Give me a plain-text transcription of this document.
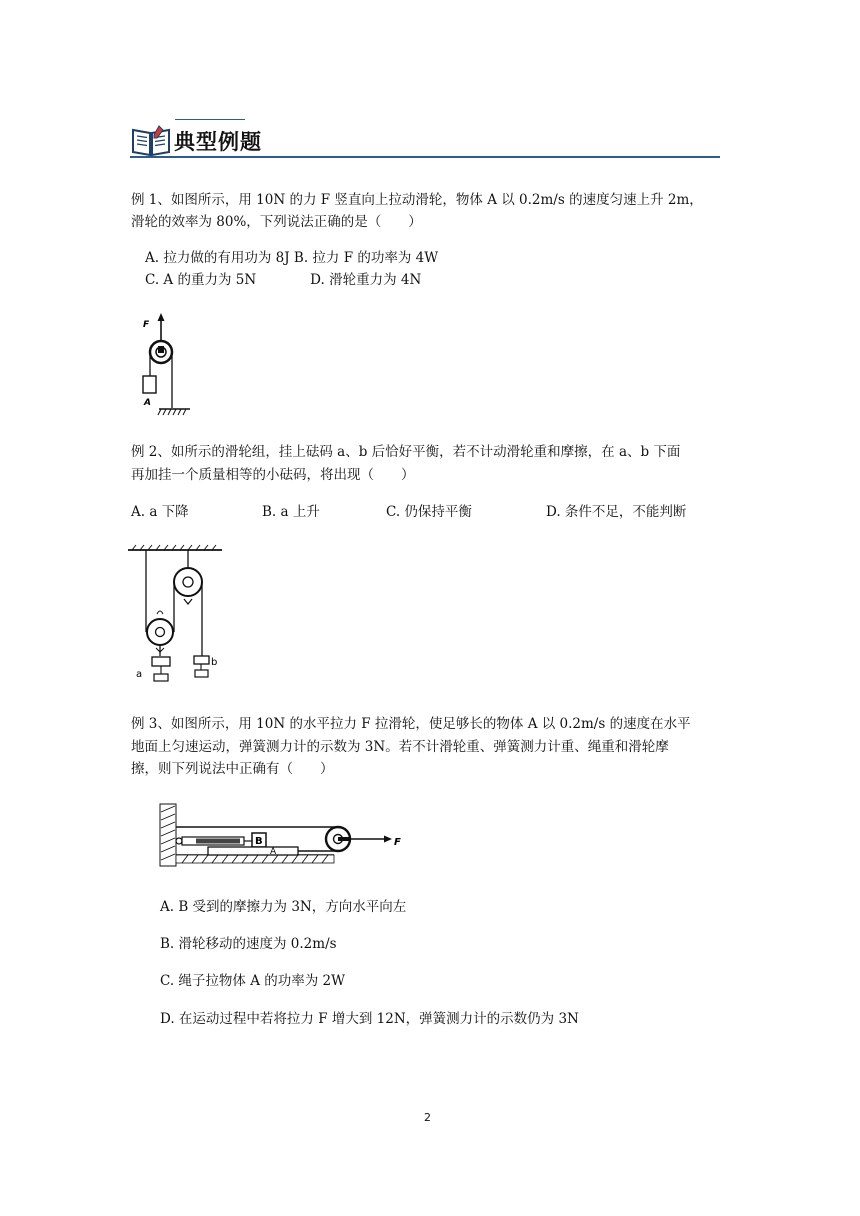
典型例题
例 1、如图所示，用 10N 的力 F 竖直向上拉动滑轮，物体 A 以 0.2m/s 的速度匀速上升 2m，
滑轮的效率为 80%，下列说法正确的是（　　）
A. 拉力做的有用功为 8J B. 拉力 F 的功率为 4W
C. A 的重力为 5N　　　　D. 滑轮重力为 4N
F
A
例 2、如所示的滑轮组，挂上砝码 a、b 后恰好平衡，若不计动滑轮重和摩擦，在 a、b 下面
再加挂一个质量相等的小砝码，将出现（　　）
A. a 下降	B. a 上升	C. 仍保持平衡	D. 条件不足，不能判断
a
b
例 3、如图所示，用 10N 的水平拉力 F 拉滑轮，使足够长的物体 A 以 0.2m/s 的速度在水平
地面上匀速运动，弹簧测力计的示数为 3N。若不计滑轮重、弹簧测力计重、绳重和滑轮摩
擦，则下列说法中正确有（　　）
B
A
F
A. B 受到的摩擦力为 3N，方向水平向左
B. 滑轮移动的速度为 0.2m/s
C. 绳子拉物体 A 的功率为 2W
D. 在运动过程中若将拉力 F 增大到 12N，弹簧测力计的示数仍为 3N
2
